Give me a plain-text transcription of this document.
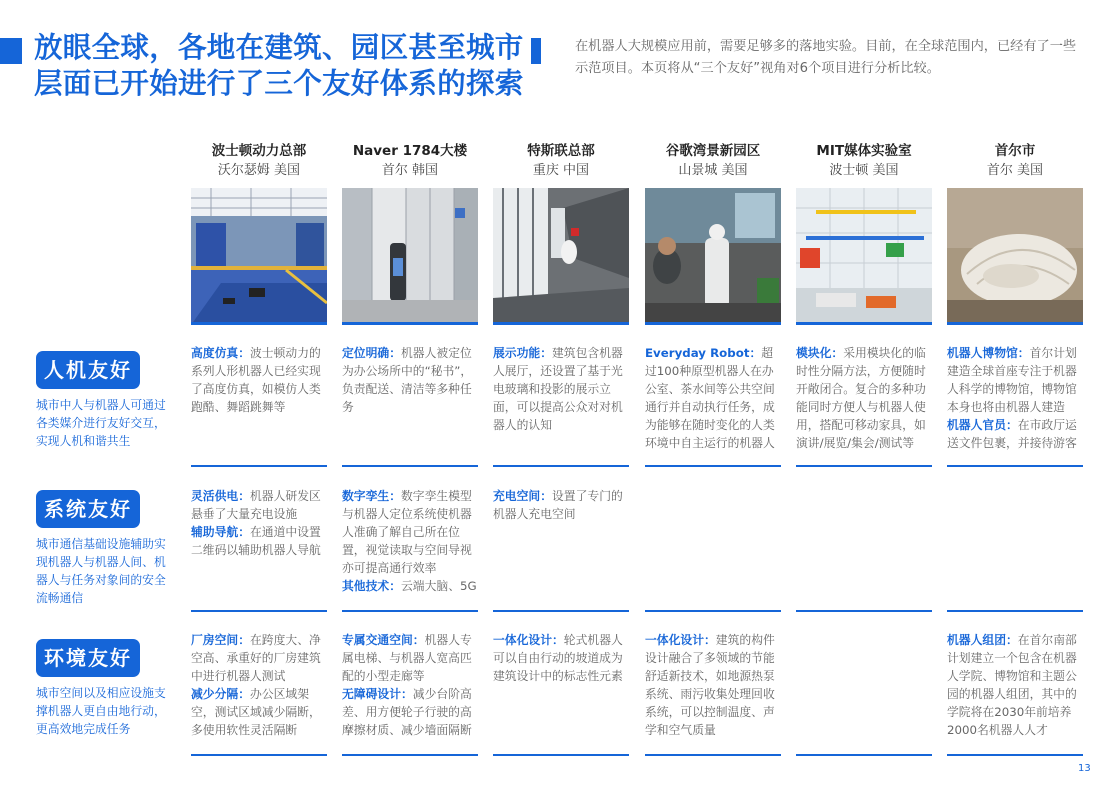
放眼全球，各地在建筑、园区甚至城市层面已开始进行了三个友好体系的探索

在机器人大规模应用前，需要足够多的落地实验。目前，在全球范围内，已经有了一些示范项目。本页将从“三个友好”视角对6个项目进行分析比较。

波士顿动力总部
沃尔瑟姆 美国
Naver 1784大楼
首尔 韩国
特斯联总部
重庆 中国
谷歌湾景新园区
山景城 美国
MIT媒体实验室
波士顿 美国
首尔市
首尔 美国
人机友好

城市中人与机器人可通过各类媒介进行友好交互，实现人机和谐共生

系统友好

城市通信基础设施辅助实现机器人与机器人间、机器人与任务对象间的安全流畅通信

环境友好

城市空间以及相应设施支撑机器人更自由地行动，更高效地完成任务

高度仿真：波士顿动力的系列人形机器人已经实现了高度仿真，如模仿人类跑酷、舞蹈跳舞等

定位明确：机器人被定位为办公场所中的“秘书”，负责配送、清洁等多种任务

展示功能：建筑包含机器人展厅，还设置了基于光电玻璃和投影的展示立面，可以提高公众对对机器人的认知

Everyday Robot：超过100种原型机器人在办公室、茶水间等公共空间通行并自动执行任务，成为能够在随时变化的人类环境中自主运行的机器人

模块化：采用模块化的临时性分隔方法，方便随时开敞闭合。复合的多种功能同时方便人与机器人使用，搭配可移动家具，如演讲/展览/集会/测试等

机器人博物馆：首尔计划建造全球首座专注于机器人科学的博物馆，博物馆本身也将由机器人建造
机器人官员：在市政厅运送文件包裹，并接待游客

灵活供电：机器人研发区悬垂了大量充电设施
辅助导航：在通道中设置二维码以辅助机器人导航

数字孪生：数字孪生模型与机器人定位系统使机器人准确了解自己所在位置，视觉读取与空间导视亦可提高通行效率
其他技术：云端大脑、5G

充电空间：设置了专门的机器人充电空间

厂房空间：在跨度大、净空高、承重好的厂房建筑中进行机器人测试
减少分隔：办公区域架空，测试区域减少隔断，多使用软性灵活隔断

专属交通空间：机器人专属电梯、与机器人宽高匹配的小型走廊等
无障碍设计：减少台阶高差、用方便轮子行驶的高摩擦材质、减少墙面隔断

一体化设计：轮式机器人可以自由行动的坡道成为建筑设计中的标志性元素

一体化设计：建筑的构件设计融合了多领域的节能舒适新技术，如地源热泵系统、雨污收集处理回收系统，可以控制温度、声学和空气质量

机器人组团：在首尔南部计划建立一个包含在机器人学院、博物馆和主题公园的机器人组团，其中的学院将在2030年前培养2000名机器人人才

13
